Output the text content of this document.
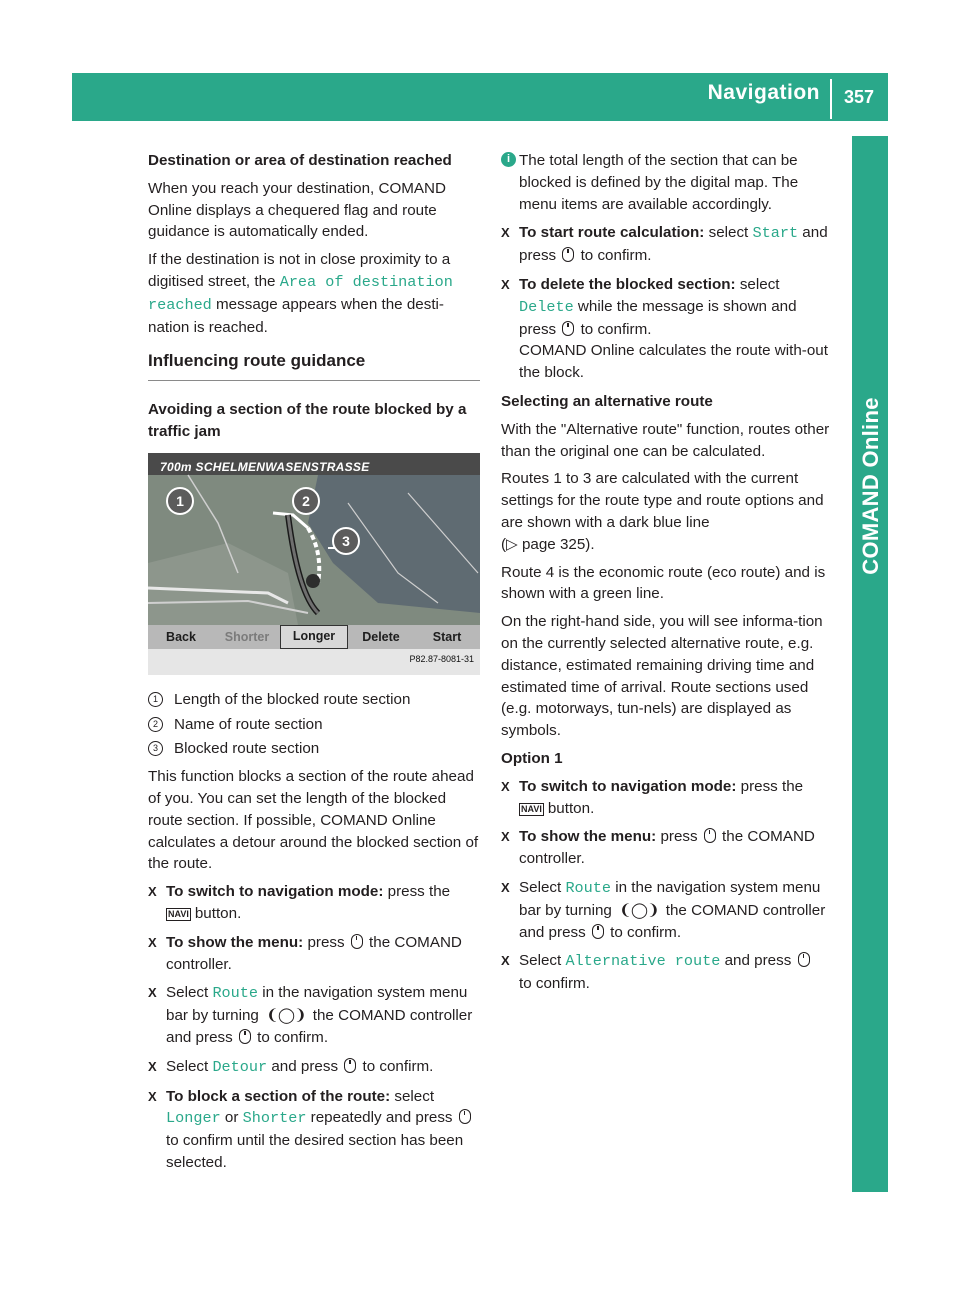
Navigation	357
COMAND Online
Destination or area of destination reached

When you reach your destination, COMAND Online displays a chequered flag and route guidance is automatically ended.

If the destination is not in close proximity to a digitised street, the Area of destination reached message appears when the desti-nation is reached.

Influencing route guidance
Avoiding a section of the route blocked by a traffic jam
700m SCHELMENWASENSTRASSE
1	2
3
Back	Shorter	Longer	Delete	Start
P82.87-8081-31
1	Length of the blocked route section
2	Name of route section
3	Blocked route section

This function blocks a section of the route ahead of you. You can set the length of the blocked route section. If possible, COMAND Online calculates a detour around the blocked section of the route.

X To switch to navigation mode: press the
NAVI button.
X To show the menu: press  the COMAND controller.
X Select Route in the navigation system menu bar by turning ❨◯❩ the COMAND controller and press  to confirm.
X Select Detour and press  to confirm.
X To block a section of the route: select Longer or Shorter repeatedly and press  to confirm until the desired section has been selected.
i The total length of the section that can be blocked is defined by the digital map. The menu items are available accordingly.
X To start route calculation: select Start and press  to confirm.
X To delete the blocked section: select Delete while the message is shown and press  to confirm.
COMAND Online calculates the route with-out the block.
Selecting an alternative route

With the "Alternative route" function, routes other than the original one can be calculated.

Routes 1 to 3 are calculated with the current settings for the route type and route options and are shown with a dark blue line
(▷ page 325).

Route 4 is the economic route (eco route) and is shown with a green line.

On the right-hand side, you will see informa-tion on the currently selected alternative route, e.g. distance, estimated remaining driving time and estimated time of arrival. Route sections used (e.g. motorways, tun-nels) are displayed as symbols.

Option 1
X To switch to navigation mode: press the
NAVI button.
X To show the menu: press  the COMAND controller.
X Select Route in the navigation system menu bar by turning ❨◯❩ the COMAND controller and press  to confirm.
X Select Alternative route and press
to confirm.
